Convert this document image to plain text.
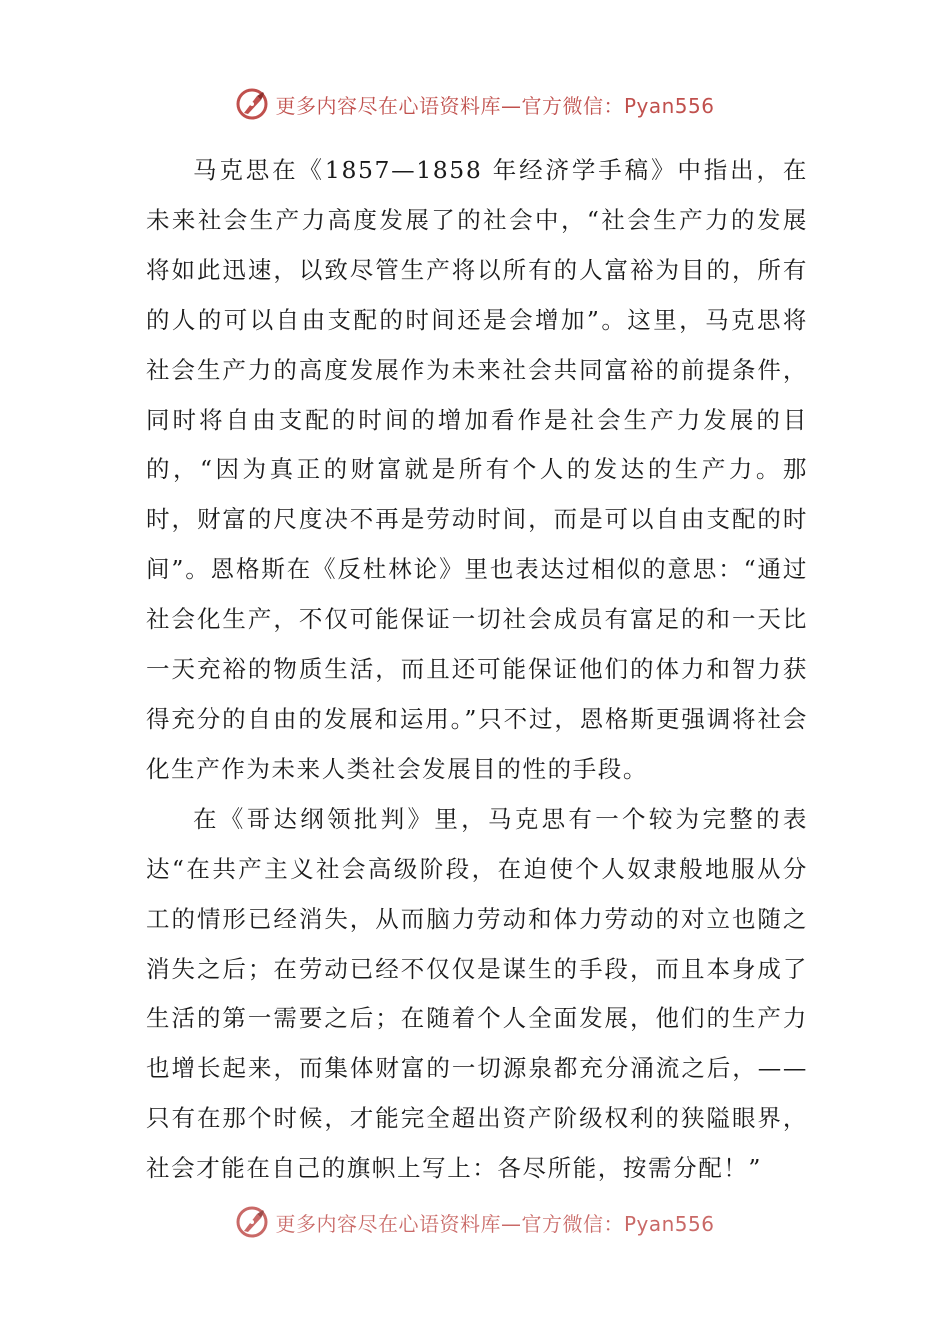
更多内容尽在心语资料库—官方微信：Pyan556

马克思在《1857—1858 年经济学手稿》中指出，在未来社会生产力高度发展了的社会中，“社会生产力的发展将如此迅速，以致尽管生产将以所有的人富裕为目的，所有的人的可以自由支配的时间还是会增加”。这里，马克思将社会生产力的高度发展作为未来社会共同富裕的前提条件，同时将自由支配的时间的增加看作是社会生产力发展的目的，“因为真正的财富就是所有个人的发达的生产力。那时，财富的尺度决不再是劳动时间，而是可以自由支配的时间”。恩格斯在《反杜林论》里也表达过相似的意思：“通过社会化生产，不仅可能保证一切社会成员有富足的和一天比一天充裕的物质生活，而且还可能保证他们的体力和智力获得充分的自由的发展和运用。”只不过，恩格斯更强调将社会化生产作为未来人类社会发展目的性的手段。

在《哥达纲领批判》里，马克思有一个较为完整的表达“在共产主义社会高级阶段，在迫使个人奴隶般地服从分工的情形已经消失，从而脑力劳动和体力劳动的对立也随之消失之后；在劳动已经不仅仅是谋生的手段，而且本身成了生活的第一需要之后；在随着个人全面发展，他们的生产力也增长起来，而集体财富的一切源泉都充分涌流之后，——只有在那个时候，才能完全超出资产阶级权利的狭隘眼界，社会才能在自己的旗帜上写上：各尽所能，按需分配！”

更多内容尽在心语资料库—官方微信：Pyan556
